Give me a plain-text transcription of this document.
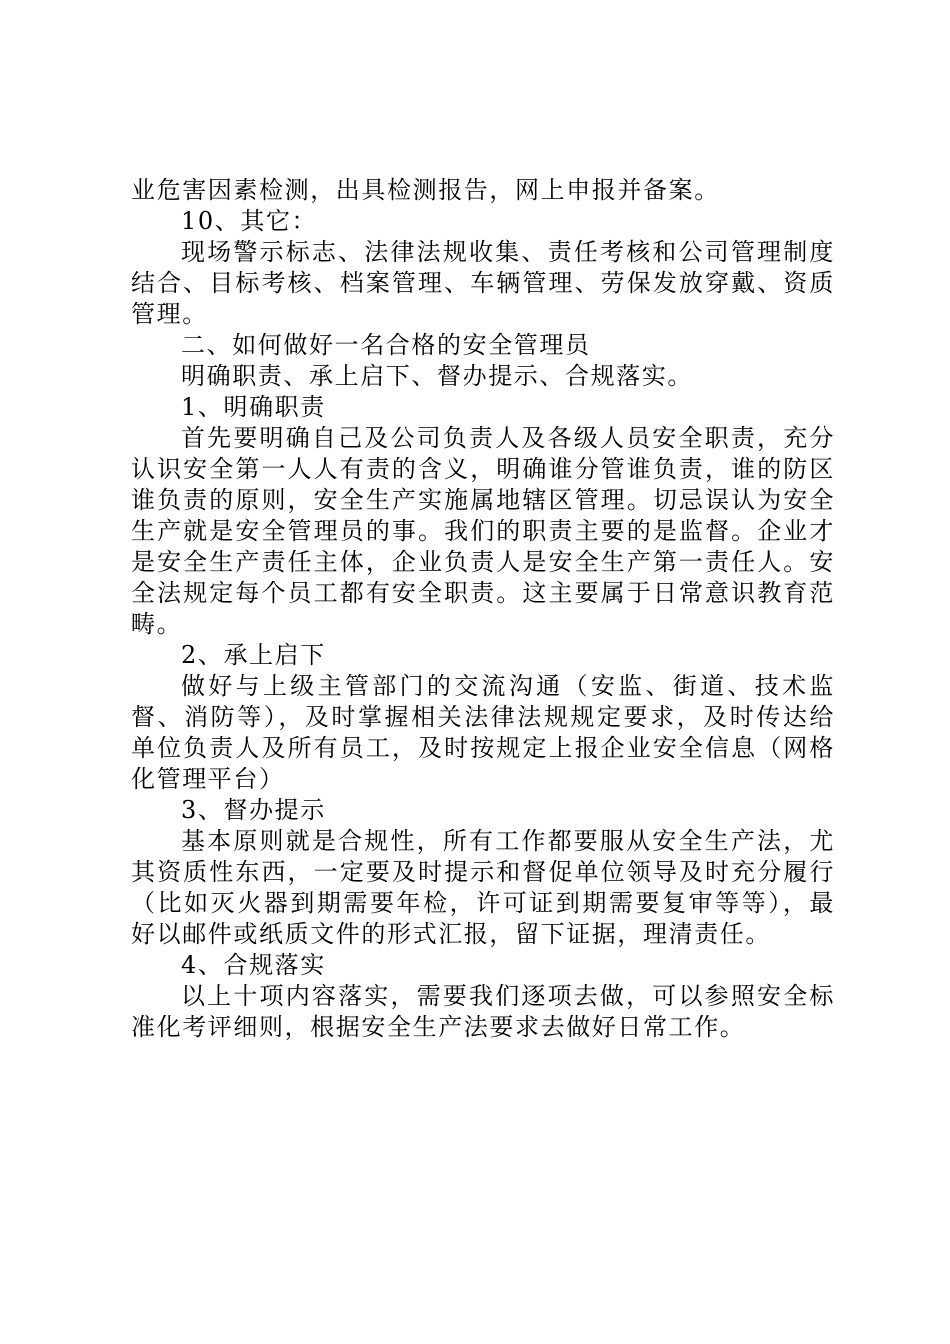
业危害因素检测，出具检测报告，网上申报并备案。

10、其它：

现场警示标志、法律法规收集、责任考核和公司管理制度结合、目标考核、档案管理、车辆管理、劳保发放穿戴、资质管理。

二、如何做好一名合格的安全管理员

明确职责、承上启下、督办提示、合规落实。

1、明确职责

首先要明确自己及公司负责人及各级人员安全职责，充分认识安全第一人人有责的含义，明确谁分管谁负责，谁的防区谁负责的原则，安全生产实施属地辖区管理。切忌误认为安全生产就是安全管理员的事。我们的职责主要的是监督。企业才是安全生产责任主体，企业负责人是安全生产第一责任人。安全法规定每个员工都有安全职责。这主要属于日常意识教育范畴。

2、承上启下

做好与上级主管部门的交流沟通（安监、街道、技术监督、消防等），及时掌握相关法律法规规定要求，及时传达给单位负责人及所有员工，及时按规定上报企业安全信息（网格化管理平台）

3、督办提示

基本原则就是合规性，所有工作都要服从安全生产法，尤其资质性东西，一定要及时提示和督促单位领导及时充分履行（比如灭火器到期需要年检，许可证到期需要复审等等），最好以邮件或纸质文件的形式汇报，留下证据，理清责任。

4、合规落实

以上十项内容落实，需要我们逐项去做，可以参照安全标准化考评细则，根据安全生产法要求去做好日常工作。
